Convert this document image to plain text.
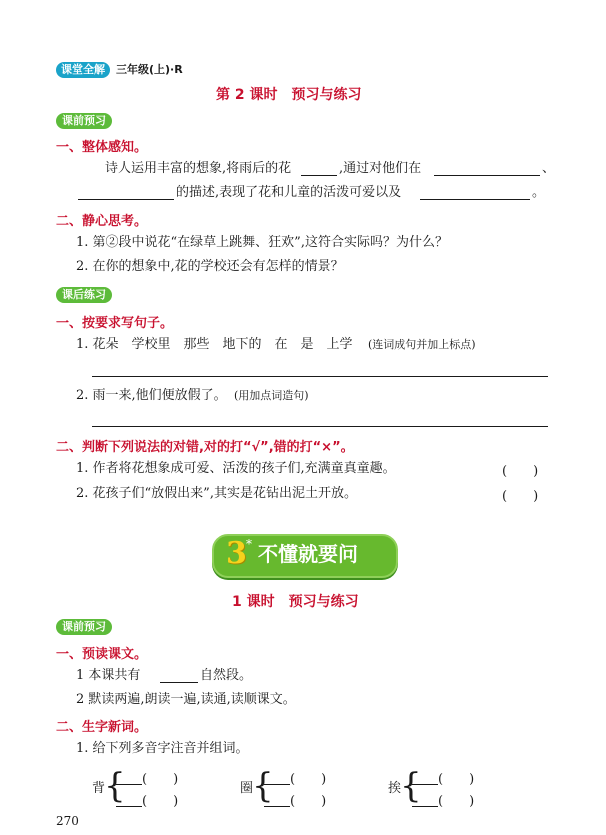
课堂全解	三年级(上)·R
第 2 课时　预习与练习
课前预习
一、整体感知。
诗人运用丰富的想象,将雨后的花	,通过对他们在	、
的描述,表现了花和儿童的活泼可爱以及	。
二、静心思考。
1. 第②段中说花“在绿草上跳舞、狂欢”,这符合实际吗？为什么？
2. 在你的想象中,花的学校还会有怎样的情景？
课后练习
一、按要求写句子。
1. 花朵　学校里　那些　地下的　在　是　上学 (连词成句并加上标点)
2. 雨一来,他们便放假了。 (用加点词造句)
二、判断下列说法的对错,对的打“√”,错的打“×”。
1. 作者将花想象成可爱、活泼的孩子们,充满童真童趣。	(　　)
2. 花孩子们“放假出来”,其实是花钻出泥土开放。	(　　)
3 * 不懂就要问
1 课时　预习与练习
课前预习
一、预读课文。
1 本课共有	自然段。
2 默读两遍,朗读一遍,读通,读顺课文。
二、生字新词。
1. 给下列多音字注音并组词。
背
{ (　　)
(　　)
圈
{ (　　)
(　　)
挨
{ (　　)
(　　)
270
